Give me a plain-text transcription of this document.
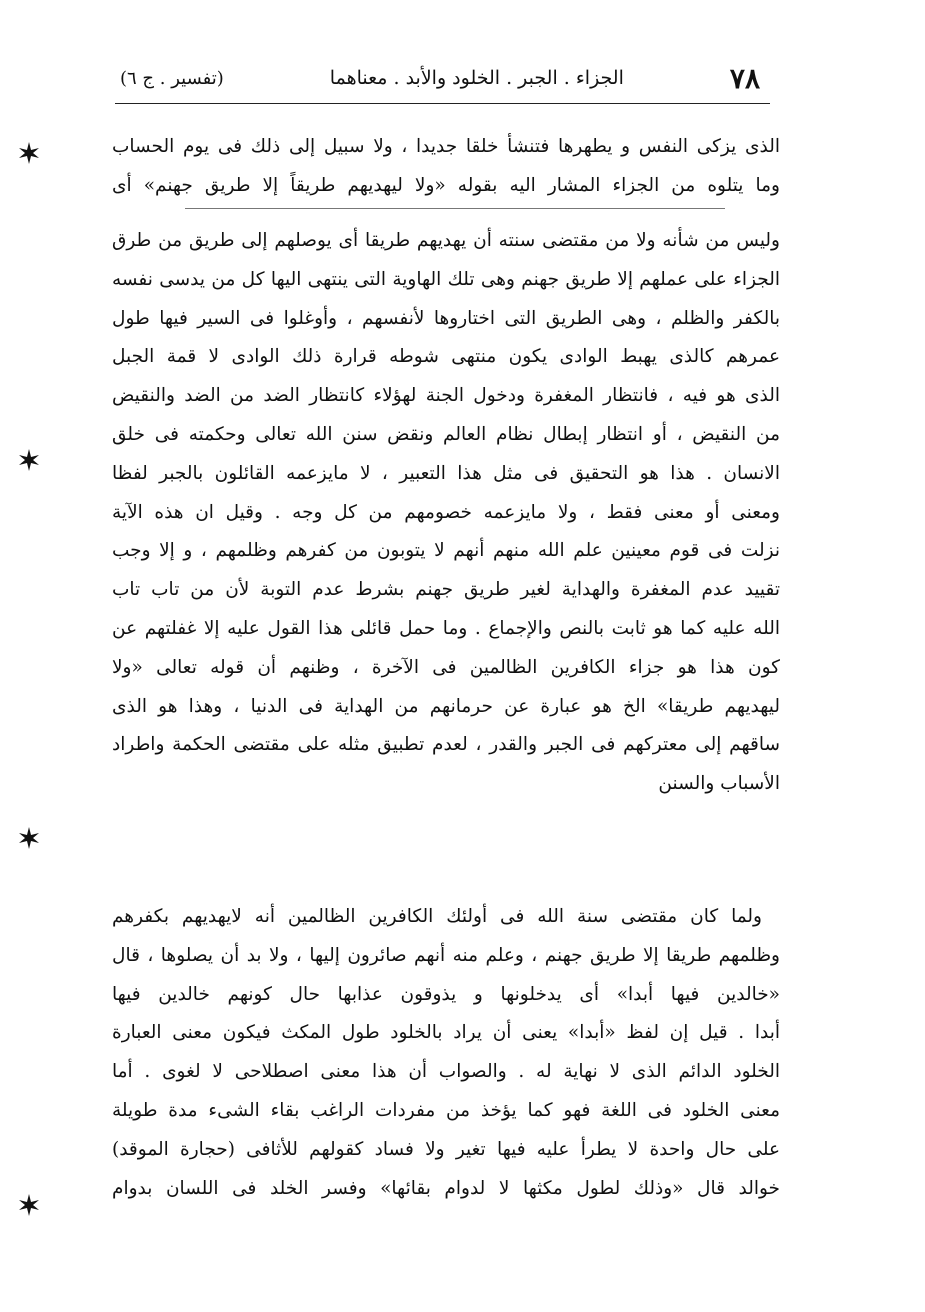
٧٨
الجزاء . الجبر . الخلود والأبد . معناهما
(تفسير . ج ٦)
الذى يزكى النفس و يطهرها فتنشأ خلقا جديدا ، ولا سبيل إلى ذلك فى يوم الحساب
وما يتلوه من الجزاء المشار اليه بقوله «ولا ليهديهم طريقاً إلا طريق جهنم» أى
وليس من شأنه ولا من مقتضى سنته أن يهديهم طريقا أى يوصلهم إلى طريق من طرق
الجزاء على عملهم إلا طريق جهنم وهى تلك الهاوية التى ينتهى اليها كل من يدسى نفسه
بالكفر والظلم ، وهى الطريق التى اختاروها لأنفسهم ، وأوغلوا فى السير فيها طول
عمرهم كالذى يهبط الوادى يكون منتهى شوطه قرارة ذلك الوادى لا قمة الجبل
الذى هو فيه ، فانتظار المغفرة ودخول الجنة لهؤلاء كانتظار الضد من الضد والنقيض
من النقيض ، أو انتظار إبطال نظام العالم ونقض سنن الله تعالى وحكمته فى خلق
الانسان . هذا هو التحقيق فى مثل هذا التعبير ، لا مايزعمه القائلون بالجبر لفظا
ومعنى أو معنى فقط ، ولا مايزعمه خصومهم من كل وجه . وقيل ان هذه الآية
نزلت فى قوم معينين علم الله منهم أنهم لا يتوبون من كفرهم وظلمهم ، و إلا وجب
تقييد عدم المغفرة والهداية لغير طريق جهنم بشرط عدم التوبة لأن من تاب تاب
الله عليه كما هو ثابت بالنص والإجماع . وما حمل قائلى هذا القول عليه إلا غفلتهم عن
كون هذا هو جزاء الكافرين الظالمين فى الآخرة ، وظنهم أن قوله تعالى «ولا
ليهديهم طريقا» الخ هو عبارة عن حرمانهم من الهداية فى الدنيا ، وهذا هو الذى
ساقهم إلى معتركهم فى الجبر والقدر ، لعدم تطبيق مثله على مقتضى الحكمة واطراد
الأسباب والسنن
ولما كان مقتضى سنة الله فى أولئك الكافرين الظالمين أنه لايهديهم بكفرهم
وظلمهم طريقا إلا طريق جهنم ، وعلم منه أنهم صائرون إليها ، ولا بد أن يصلوها ، قال
«خالدين فيها أبدا» أى يدخلونها و يذوقون عذابها حال كونهم خالدين فيها
أبدا . قيل إن لفظ «أبدا» يعنى أن يراد بالخلود طول المكث فيكون معنى العبارة
الخلود الدائم الذى لا نهاية له . والصواب أن هذا معنى اصطلاحى لا لغوى . أما
معنى الخلود فى اللغة فهو كما يؤخذ من مفردات الراغب بقاء الشىء مدة طويلة
على حال واحدة لا يطرأ عليه فيها تغير ولا فساد كقولهم للأثافى (حجارة الموقد)
خوالد قال «وذلك لطول مكثها لا لدوام بقائها» وفسر الخلد فى اللسان بدوام
